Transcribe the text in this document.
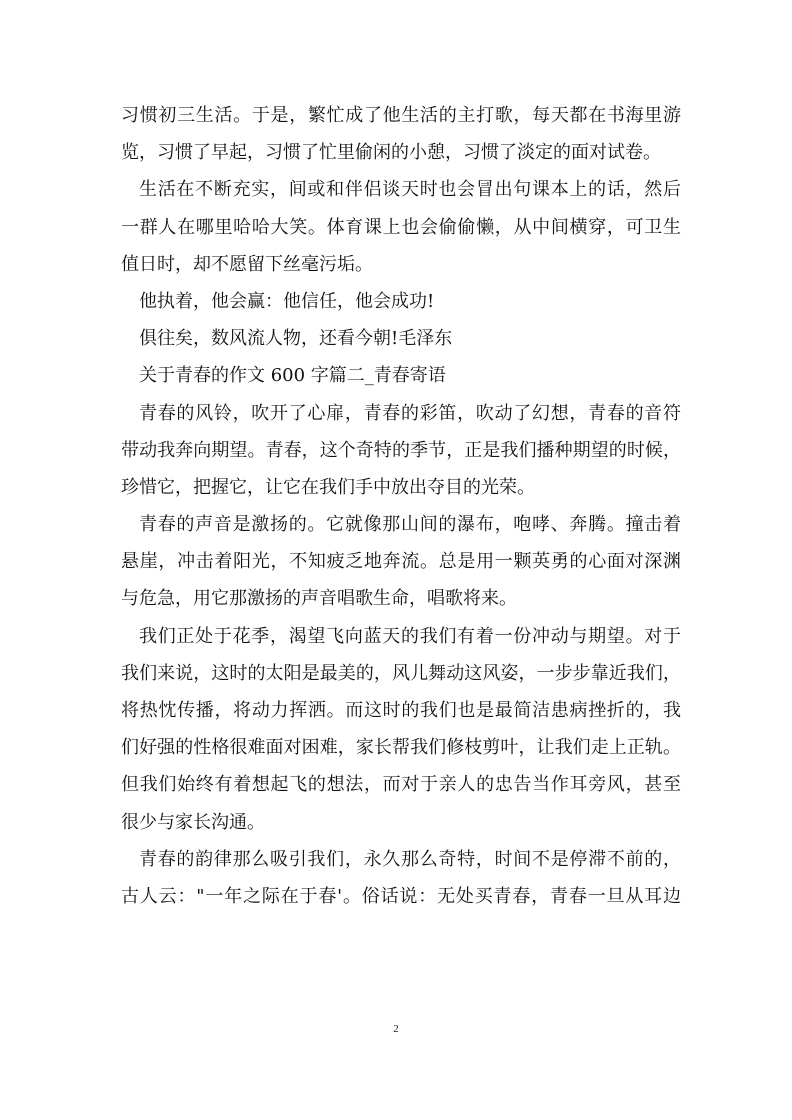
习惯初三生活。于是，繁忙成了他生活的主打歌，每天都在书海里游
览，习惯了早起，习惯了忙里偷闲的小憩，习惯了淡定的面对试卷。
生活在不断充实，间或和伴侣谈天时也会冒出句课本上的话，然后
一群人在哪里哈哈大笑。体育课上也会偷偷懒，从中间横穿，可卫生
值日时，却不愿留下丝毫污垢。
他执着，他会赢：他信任，他会成功!
俱往矣，数风流人物，还看今朝!毛泽东
关于青春的作文 600 字篇二_青春寄语
青春的风铃，吹开了心扉，青春的彩笛，吹动了幻想，青春的音符
带动我奔向期望。青春，这个奇特的季节，正是我们播种期望的时候，
珍惜它，把握它，让它在我们手中放出夺目的光荣。
青春的声音是激扬的。它就像那山间的瀑布，咆哮、奔腾。撞击着
悬崖，冲击着阳光，不知疲乏地奔流。总是用一颗英勇的心面对深渊
与危急，用它那激扬的声音唱歌生命，唱歌将来。
我们正处于花季，渴望飞向蓝天的我们有着一份冲动与期望。对于
我们来说，这时的太阳是最美的，风儿舞动这风姿，一步步靠近我们，
将热忱传播，将动力挥洒。而这时的我们也是最简洁患病挫折的，我
们好强的性格很难面对困难，家长帮我们修枝剪叶，让我们走上正轨。
但我们始终有着想起飞的想法，而对于亲人的忠告当作耳旁风，甚至
很少与家长沟通。
青春的韵律那么吸引我们，永久那么奇特，时间不是停滞不前的，
古人云："一年之际在于春'。俗话说：无处买青春，青春一旦从耳边
2
